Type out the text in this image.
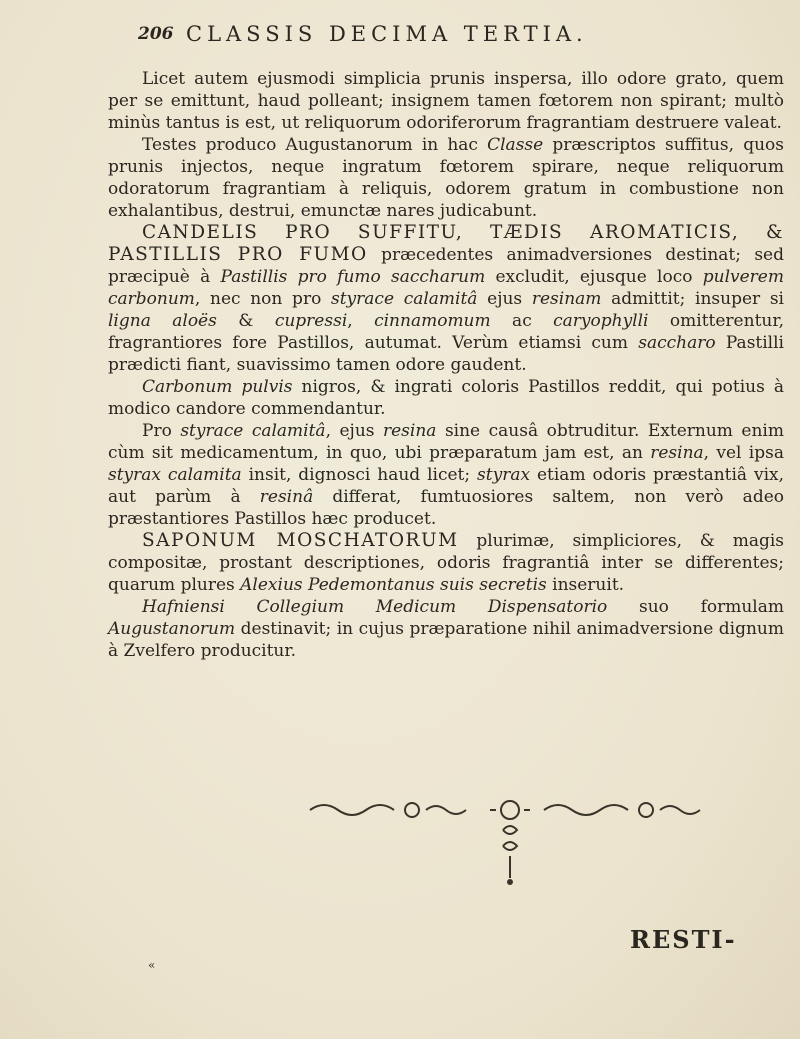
206 CLASSIS DECIMA TERTIA.

Licet autem ejusmodi simplicia prunis inspersa, illo odore grato, quem per se emittunt, haud polleant; insignem tamen fœtorem non spirant; multò minùs tantus is est, ut reliquorum odoriferorum fragrantiam destruere valeat.

Testes produco Augustanorum in hac Classe præscriptos suffitus, quos prunis injectos, neque ingratum fœtorem spirare, neque reliquorum odoratorum fragrantiam à reliquis, odorem gratum in combustione non exhalantibus, destrui, emunctæ nares judicabunt.

CANDELIS PRO SUFFITU, TÆDIS AROMATICIS, & PASTILLIS PRO FUMO præcedentes animadversiones destinat; sed præcipuè à Pastillis pro fumo saccharum excludit, ejusque loco pulverem carbonum, nec non pro styrace calamitâ ejus resinam admittit; insuper si ligna aloës & cupressi, cinnamomum ac caryophylli omitterentur, fragrantiores fore Pastillos, autumat. Verùm etiamsi cum saccharo Pastilli prædicti fiant, suavissimo tamen odore gaudent.

Carbonum pulvis nigros, & ingrati coloris Pastillos reddit, qui potius à modico candore commendantur.

Pro styrace calamitâ, ejus resina sine causâ obtruditur. Externum enim cùm sit medicamentum, in quo, ubi præparatum jam est, an resina, vel ipsa styrax calamita insit, dignosci haud licet; styrax etiam odoris præstantiâ vix, aut parùm à resinâ differat, fumtuosiores saltem, non verò adeo præstantiores Pastillos hæc producet.

SAPONUM MOSCHATORUM plurimæ, simpliciores, & magis compositæ, prostant descriptiones, odoris fragrantiâ inter se differentes; quarum plures Alexius Pedemontanus suis secretis inseruit.

Hafniensi Collegium Medicum Dispensatorio suo formulam Augustanorum destinavit; in cujus præparatione nihil animadversione dignum à Zvelfero producitur.

RESTI-
«
